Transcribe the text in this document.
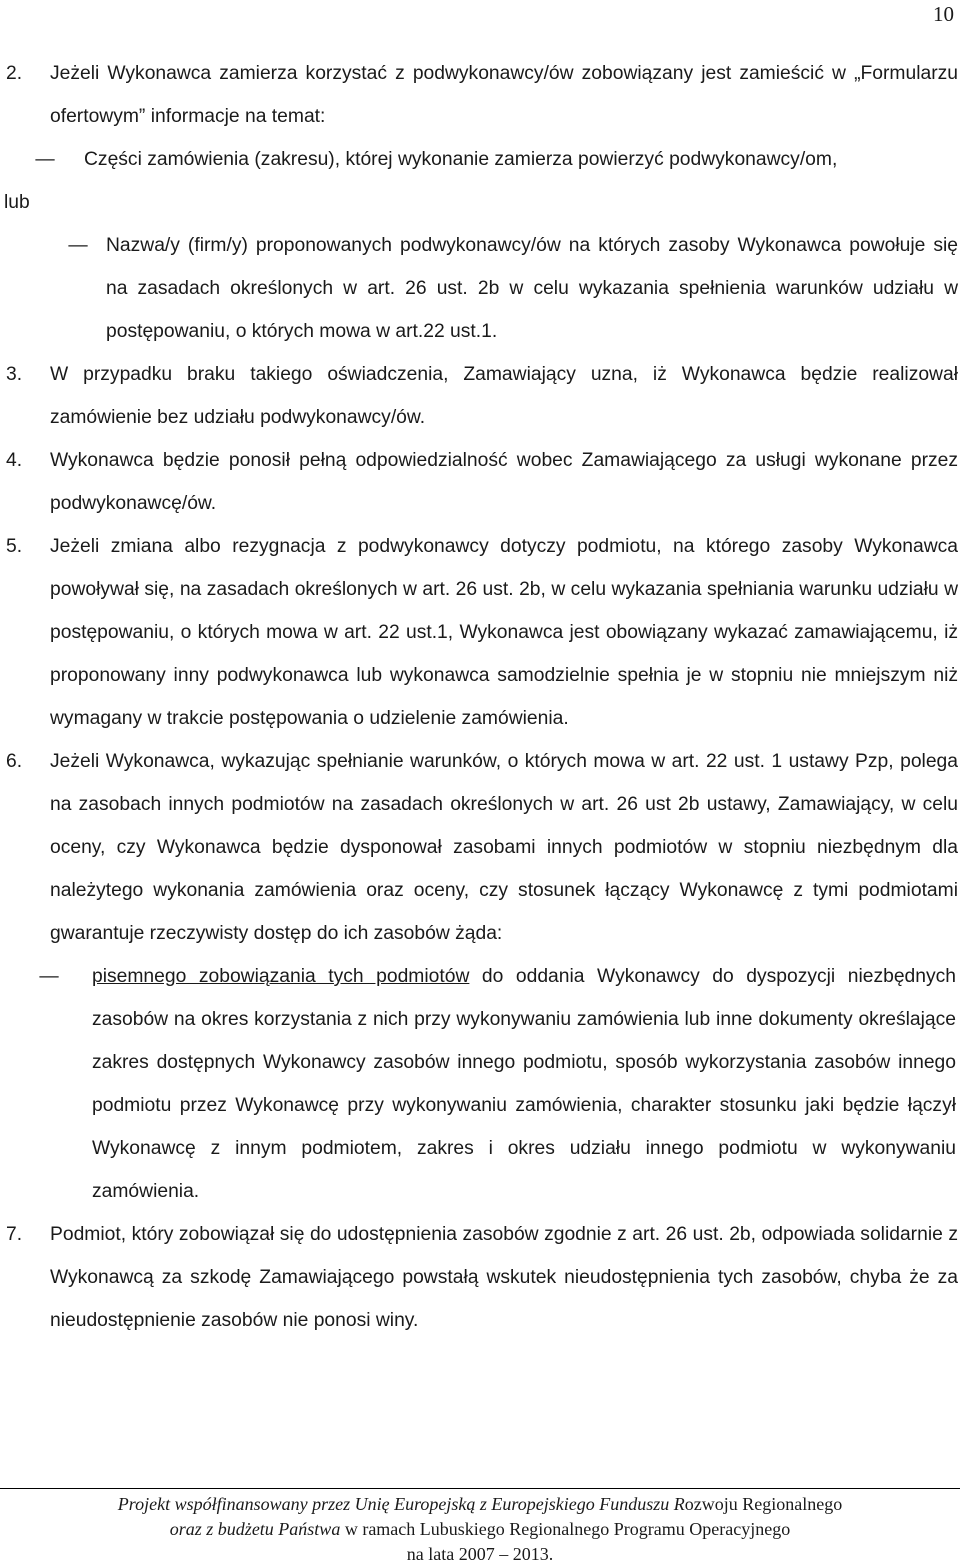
10
2.	Jeżeli Wykonawca zamierza korzystać z podwykonawcy/ów zobowiązany jest zamieścić w „Formularzu ofertowym” informacje na temat:
—	Części zamówienia (zakresu), której wykonanie zamierza powierzyć podwykonawcy/om,
lub
— Nazwa/y (firm/y) proponowanych podwykonawcy/ów na których zasoby Wykonawca powołuje się na zasadach określonych w art. 26 ust. 2b w celu wykazania spełnienia warunków udziału w postępowaniu, o których mowa w art.22 ust.1.
3.	W przypadku braku takiego oświadczenia, Zamawiający uzna, iż Wykonawca będzie realizował zamówienie bez udziału podwykonawcy/ów.
4.	Wykonawca będzie ponosił pełną odpowiedzialność wobec Zamawiającego za usługi wykonane przez podwykonawcę/ów.
5.	Jeżeli zmiana albo rezygnacja z podwykonawcy dotyczy podmiotu, na którego zasoby Wykonawca powoływał się, na zasadach określonych w art. 26 ust. 2b, w celu wykazania spełniania warunku udziału w postępowaniu, o których mowa w art. 22 ust.1, Wykonawca jest obowiązany wykazać zamawiającemu, iż proponowany inny podwykonawca lub wykonawca samodzielnie spełnia je w stopniu nie mniejszym niż wymagany w trakcie postępowania o udzielenie zamówienia.
6.	Jeżeli Wykonawca, wykazując spełnianie warunków, o których mowa w art. 22 ust. 1 ustawy Pzp, polega na zasobach innych podmiotów na zasadach określonych w art. 26 ust 2b ustawy, Zamawiający, w celu oceny, czy Wykonawca będzie dysponował zasobami innych podmiotów w stopniu niezbędnym dla należytego wykonania zamówienia oraz oceny, czy stosunek łączący Wykonawcę z tymi podmiotami gwarantuje rzeczywisty dostęp do ich zasobów żąda:
—	pisemnego zobowiązania tych podmiotów do oddania Wykonawcy do dyspozycji niezbędnych zasobów na okres korzystania z nich przy wykonywaniu zamówienia lub inne dokumenty określające zakres dostępnych Wykonawcy zasobów innego podmiotu, sposób wykorzystania zasobów innego podmiotu przez Wykonawcę przy wykonywaniu zamówienia, charakter stosunku jaki będzie łączył Wykonawcę z innym podmiotem, zakres i okres udziału innego podmiotu w wykonywaniu zamówienia.
7.	Podmiot, który zobowiązał się do udostępnienia zasobów zgodnie z art. 26 ust. 2b, odpowiada solidarnie z Wykonawcą za szkodę Zamawiającego powstałą wskutek nieudostępnienia tych zasobów, chyba że za nieudostępnienie zasobów nie ponosi winy.
Projekt współfinansowany przez Unię Europejską z Europejskiego Funduszu Rozwoju Regionalnego
oraz z budżetu Państwa w ramach Lubuskiego Regionalnego Programu Operacyjnego
na lata 2007 – 2013.
